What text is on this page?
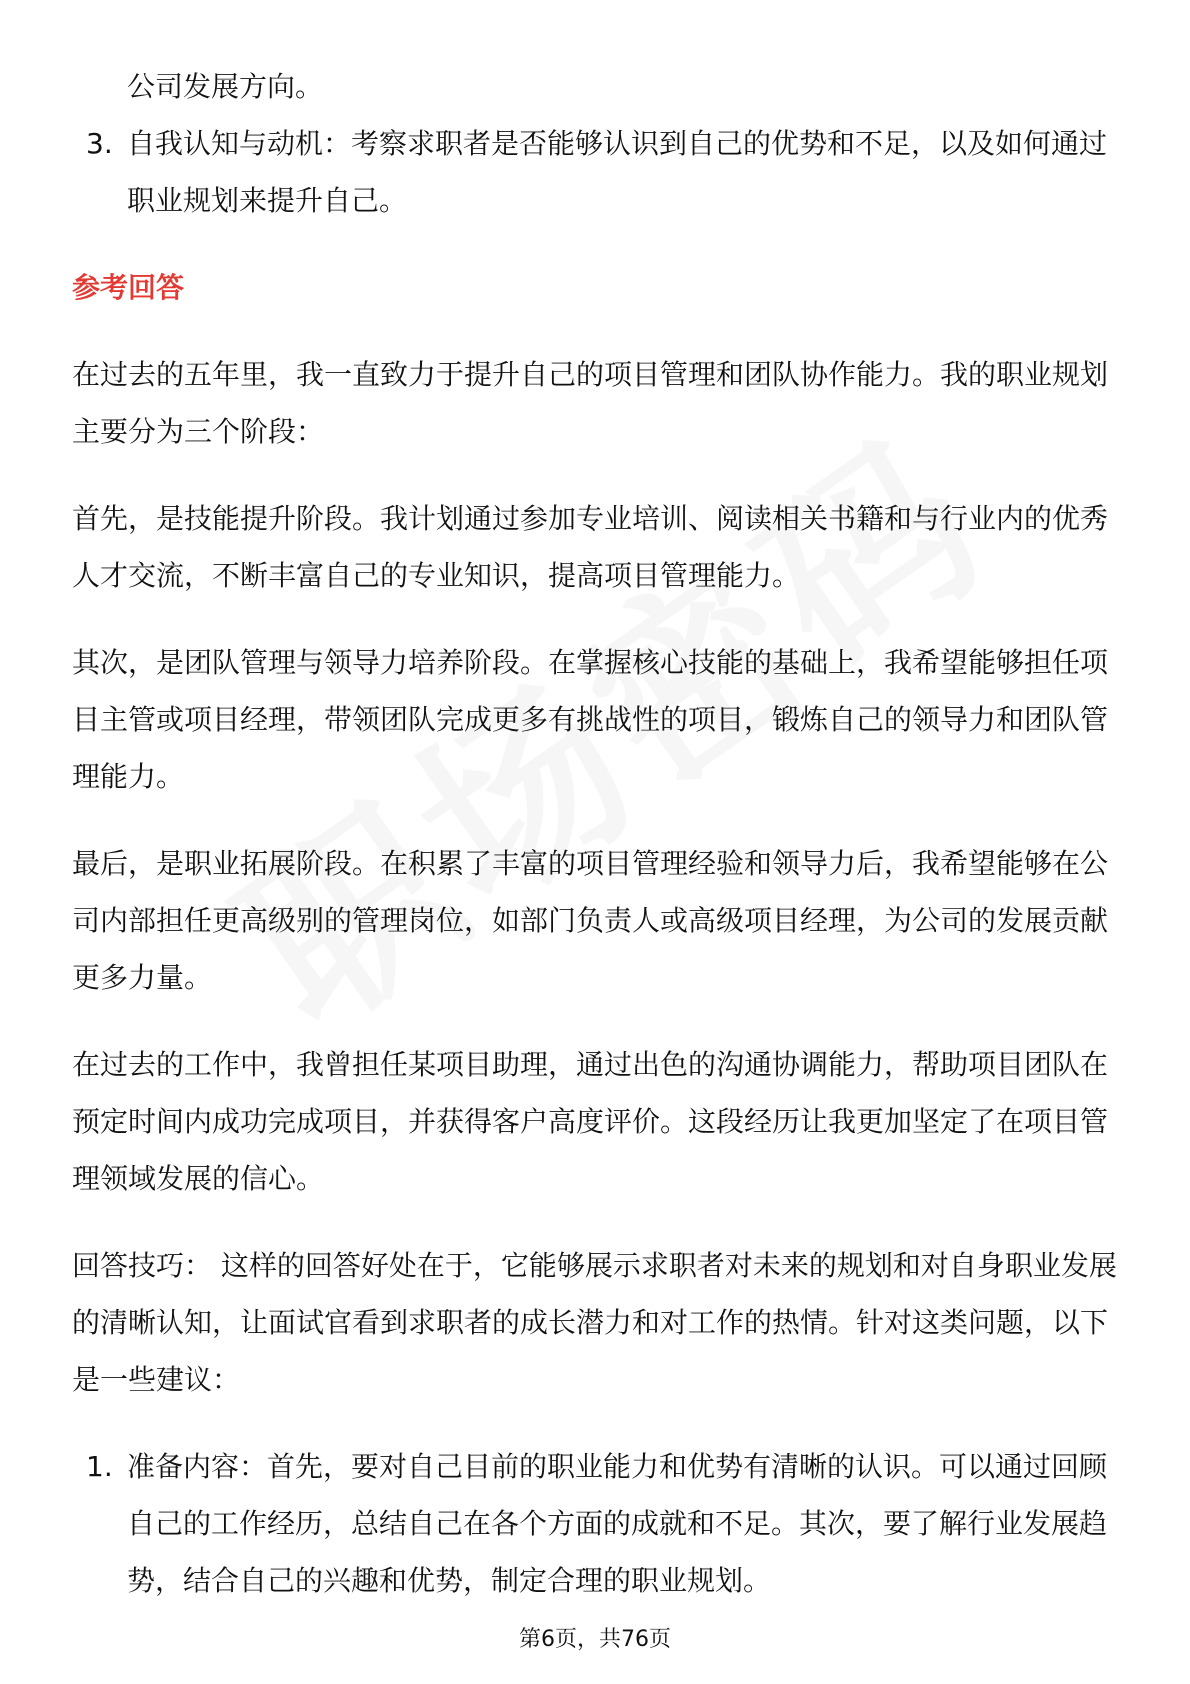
公司发展方向。
3. 自我认知与动机：考察求职者是否能够认识到自己的优势和不足，以及如何通过职业规划来提升自己。
参考回答

在过去的五年里，我一直致力于提升自己的项目管理和团队协作能力。我的职业规划主要分为三个阶段：

首先，是技能提升阶段。我计划通过参加专业培训、阅读相关书籍和与行业内的优秀人才交流，不断丰富自己的专业知识，提高项目管理能力。

其次，是团队管理与领导力培养阶段。在掌握核心技能的基础上，我希望能够担任项目主管或项目经理，带领团队完成更多有挑战性的项目，锻炼自己的领导力和团队管理能力。

最后，是职业拓展阶段。在积累了丰富的项目管理经验和领导力后，我希望能够在公司内部担任更高级别的管理岗位，如部门负责人或高级项目经理，为公司的发展贡献更多力量。

在过去的工作中，我曾担任某项目助理，通过出色的沟通协调能力，帮助项目团队在预定时间内成功完成项目，并获得客户高度评价。这段经历让我更加坚定了在项目管理领域发展的信心。

回答技巧： 这样的回答好处在于，它能够展示求职者对未来的规划和对自身职业发展的清晰认知，让面试官看到求职者的成长潜力和对工作的热情。针对这类问题，以下是一些建议：

1. 准备内容：首先，要对自己目前的职业能力和优势有清晰的认识。可以通过回顾自己的工作经历，总结自己在各个方面的成就和不足。其次，要了解行业发展趋势，结合自己的兴趣和优势，制定合理的职业规划。
第6页，共76页
